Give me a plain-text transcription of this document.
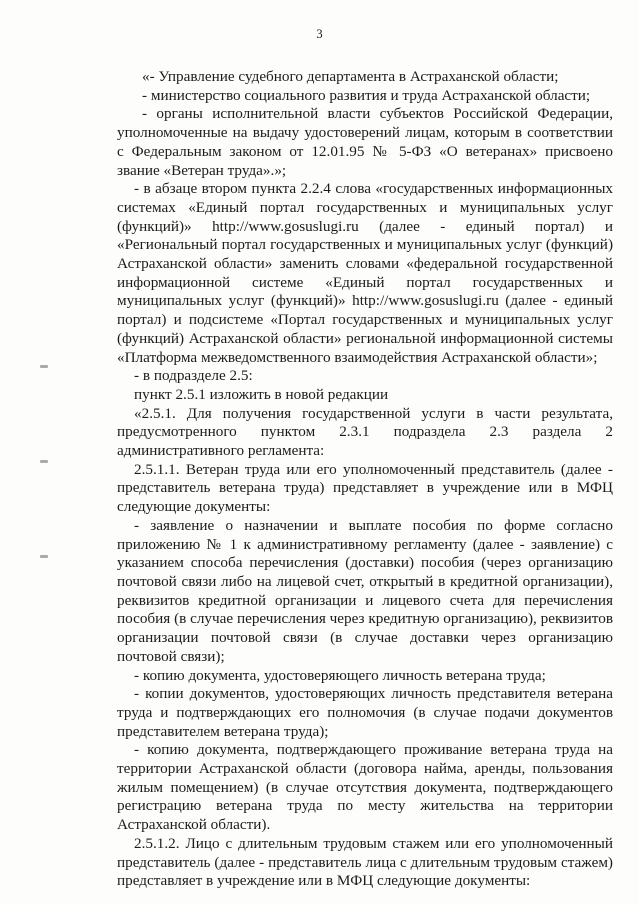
3

«- Управление судебного департамента в Астраханской области;

- министерство социального развития и труда Астраханской области;

- органы исполнительной власти субъектов Российской Федерации, уполномоченные на выдачу удостоверений лицам, которым в соответствии с Федеральным законом от 12.01.95 № 5-ФЗ «О ветеранах» присвоено звание «Ветеран труда».»;

- в абзаце втором пункта 2.2.4 слова «государственных информационных системах «Единый портал государственных и муниципальных услуг (функций)» http://www.gosuslugi.ru (далее - единый портал) и «Региональный портал государственных и муниципальных услуг (функций) Астраханской области» заменить словами «федеральной государственной информационной системе «Единый портал государственных и муниципальных услуг (функций)» http://www.gosuslugi.ru (далее - единый портал) и подсистеме «Портал государственных и муниципальных услуг (функций) Астраханской области» региональной информационной системы «Платформа межведомственного взаимодействия Астраханской области»;

- в подразделе 2.5:

пункт 2.5.1 изложить в новой редакции

«2.5.1. Для получения государственной услуги в части результата, предусмотренного пунктом 2.3.1 подраздела 2.3 раздела 2 административного регламента:

2.5.1.1. Ветеран труда или его уполномоченный представитель (далее - представитель ветерана труда) представляет в учреждение или в МФЦ следующие документы:

- заявление о назначении и выплате пособия по форме согласно приложению № 1 к административному регламенту (далее - заявление) с указанием способа перечисления (доставки) пособия (через организацию почтовой связи либо на лицевой счет, открытый в кредитной организации), реквизитов кредитной организации и лицевого счета для перечисления пособия (в случае перечисления через кредитную организацию), реквизитов организации почтовой связи (в случае доставки через организацию почтовой связи);

- копию документа, удостоверяющего личность ветерана труда;

- копии документов, удостоверяющих личность представителя ветерана труда и подтверждающих его полномочия (в случае подачи документов представителем ветерана труда);

- копию документа, подтверждающего проживание ветерана труда на территории Астраханской области (договора найма, аренды, пользования жилым помещением) (в случае отсутствия документа, подтверждающего регистрацию ветерана труда по месту жительства на территории Астраханской области).

2.5.1.2. Лицо с длительным трудовым стажем или его уполномоченный представитель (далее - представитель лица с длительным трудовым стажем) представляет в учреждение или в МФЦ следующие документы:
